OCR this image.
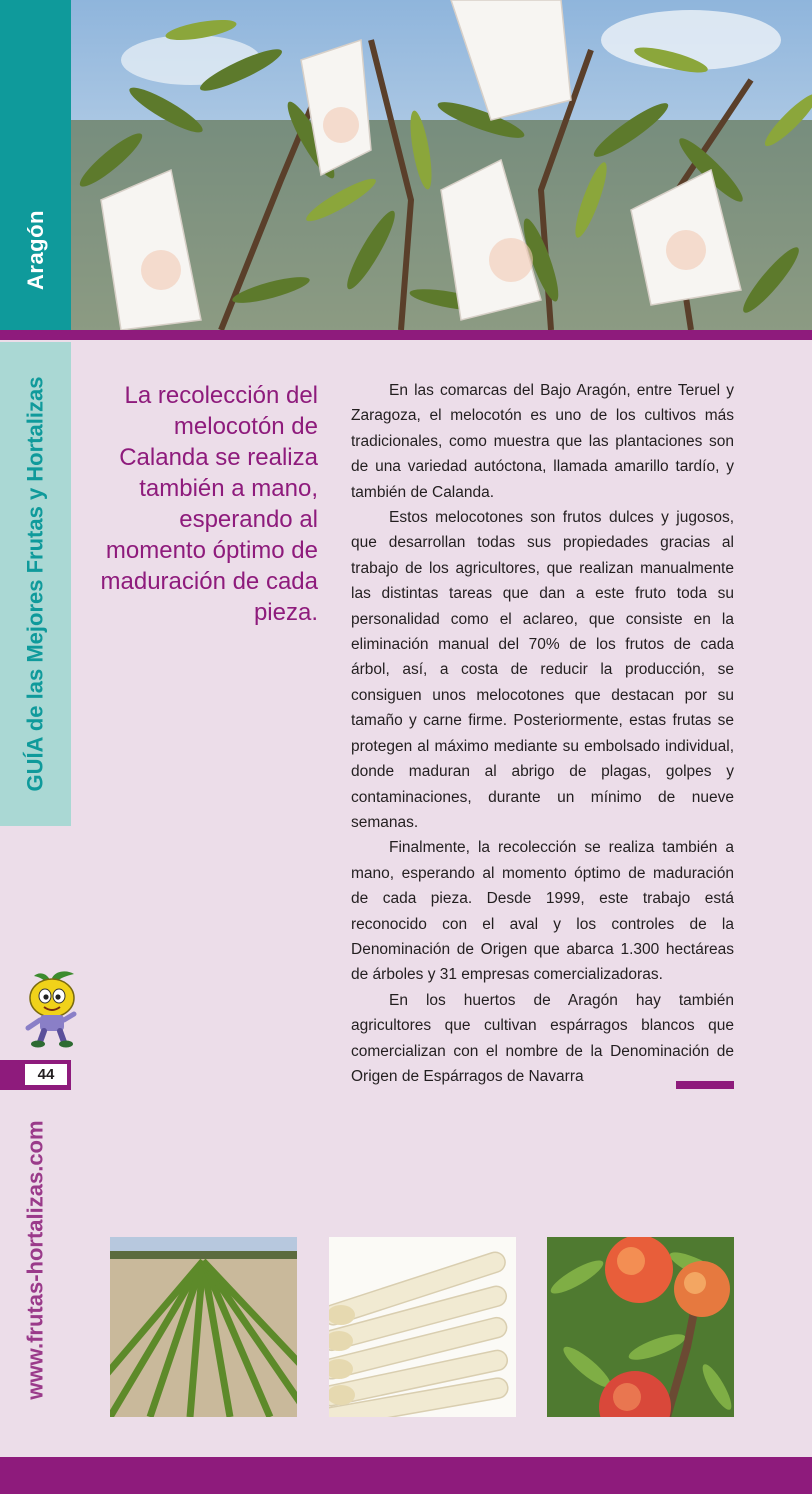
Aragón
GUÍA de las Mejores Frutas y Hortalizas	La recolección del melocotón de Calanda se realiza también a mano, esperando al momento óptimo de maduración de cada pieza.

En las comarcas del Bajo Aragón, entre Teruel y Zaragoza, el melocotón es uno de los cultivos más tradicionales, como muestra que las plantaciones son de una variedad autóctona, llamada amarillo tardío, y también de Calanda.

Estos melocotones son frutos dulces y jugosos, que desarrollan todas sus propiedades gracias al trabajo de los agricultores, que realizan manualmente las distintas tareas que dan a este fruto toda su personalidad como el aclareo, que consiste en la eliminación manual del 70% de los frutos de cada árbol, así, a costa de reducir la producción, se consiguen unos melocotones que destacan por su tamaño y carne firme. Posteriormente, estas frutas se protegen al máximo mediante su embolsado individual, donde maduran al abrigo de plagas, golpes y contaminaciones, durante un mínimo de nueve semanas.

Finalmente, la recolección se realiza también a mano, esperando al momento óptimo de maduración de cada pieza. Desde 1999, este trabajo está reconocido con el aval y los controles de la Denominación de Origen que abarca 1.300 hectáreas de árboles y 31 empresas comercializadoras.

En los huertos de Aragón hay también agricultores que cultivan espárragos blancos que comercializan con el nombre de la Denominación de Origen de Espárragos de Navarra

44
www.frutas-hortalizas.com
